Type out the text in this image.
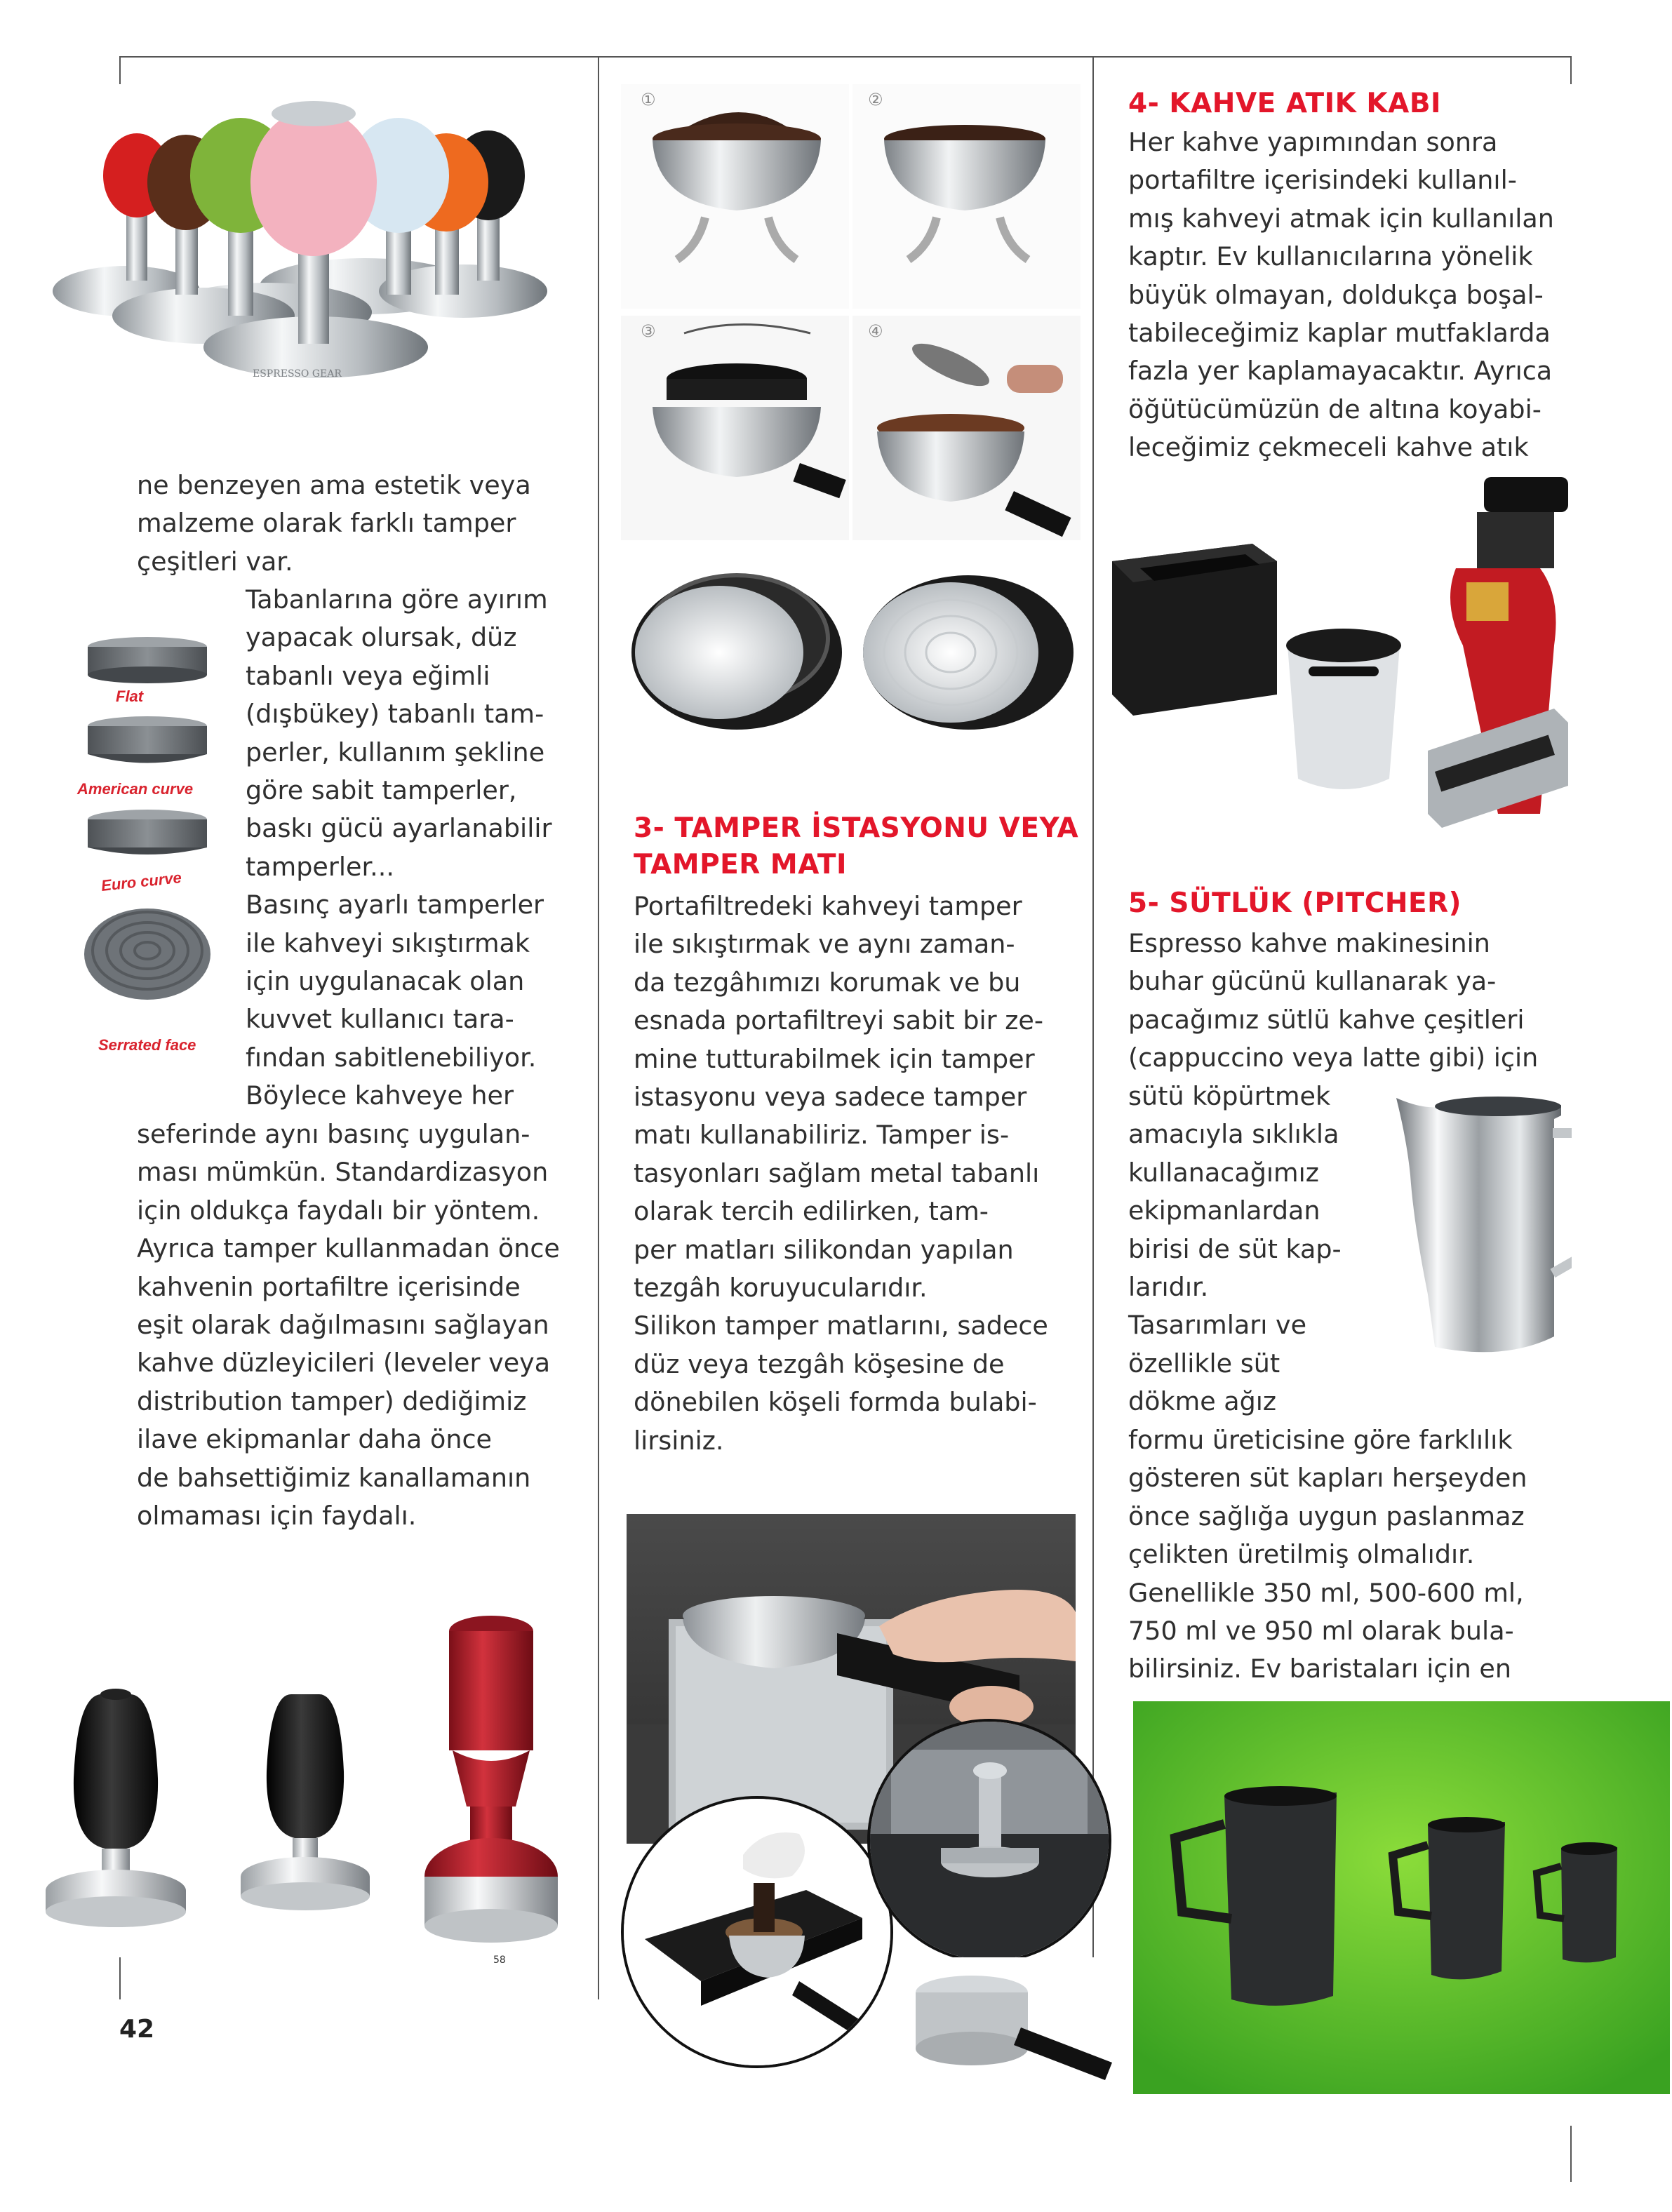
ESPRESSO GEAR

ne benzeyen ama estetik veya

malzeme olarak farklı tamper

çeşitleri var.

Flat
American curve
Euro curve
Serrated face

Tabanlarına göre ayırım

yapacak olursak, düz

tabanlı veya eğimli

(dışbükey) tabanlı tam-

perler, kullanım şekline

göre sabit tamperler,

baskı gücü ayarlanabilir

tamperler...

Basınç ayarlı tamperler

ile kahveyi sıkıştırmak

için uygulanacak olan

kuvvet kullanıcı tara-

fından sabitlenebiliyor.

Böylece kahveye her

seferinde aynı basınç uygulan-

ması mümkün. Standardizasyon

için oldukça faydalı bir yöntem.

Ayrıca tamper kullanmadan önce

kahvenin portafiltre içerisinde

eşit olarak dağılmasını sağlayan

kahve düzleyicileri (leveler veya

distribution tamper) dediğimiz

ilave ekipmanlar daha önce

de bahsettiğimiz kanallamanın

olmaması için faydalı.

58
42
①	②
③	④

3- TAMPER İSTASYONU VEYA

TAMPER MATI

Portafiltredeki kahveyi tamper

ile sıkıştırmak ve aynı zaman-

da tezgâhımızı korumak ve bu

esnada portafiltreyi sabit bir ze-

mine tutturabilmek için tamper

istasyonu veya sadece tamper

matı kullanabiliriz. Tamper is-

tasyonları sağlam metal tabanlı

olarak tercih edilirken, tam-

per matları silikondan yapılan

tezgâh koruyucularıdır.

Silikon tamper matlarını, sadece

düz veya tezgâh köşesine de

dönebilen köşeli formda bulabi-

lirsiniz.

4- KAHVE ATIK KABI

Her kahve yapımından sonra

portafiltre içerisindeki kullanıl-

mış kahveyi atmak için kullanılan

kaptır. Ev kullanıcılarına yönelik

büyük olmayan, doldukça boşal-

tabileceğimiz kaplar mutfaklarda

fazla yer kaplamayacaktır. Ayrıca

öğütücümüzün de altına koyabi-

leceğimiz çekmeceli kahve atık

5- SÜTLÜK (PITCHER)

Espresso kahve makinesinin

buhar gücünü kullanarak ya-

pacağımız sütlü kahve çeşitleri

(cappuccino veya latte gibi) için

sütü köpürtmek

amacıyla sıklıkla

kullanacağımız

ekipmanlardan

birisi de süt kap-

larıdır.

Tasarımları ve

özellikle süt

dökme ağız

formu üreticisine göre farklılık

gösteren süt kapları herşeyden

önce sağlığa uygun paslanmaz

çelikten üretilmiş olmalıdır.

Genellikle 350 ml, 500-600 ml,

750 ml ve 950 ml olarak bula-

bilirsiniz. Ev baristaları için en
